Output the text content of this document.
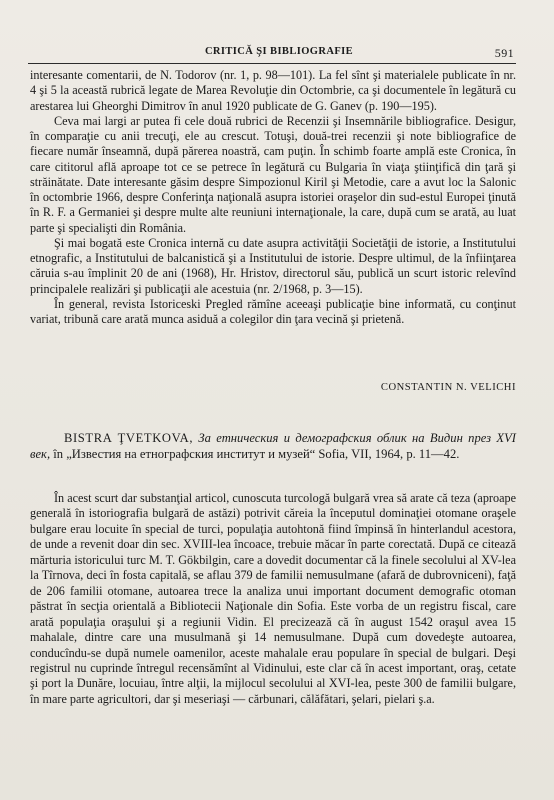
CRITICĂ ŞI BIBLIOGRAFIE	591

interesante comentarii, de N. Todorov (nr. 1, p. 98—101). La fel sînt şi materialele publicate în nr. 4 şi 5 la această rubrică legate de Marea Revoluţie din Octombrie, ca şi documentele în legătură cu arestarea lui Gheorghi Dimitrov în anul 1920 publicate de G. Ganev (p. 190—195).

Ceva mai largi ar putea fi cele două rubrici de Recenzii şi Insemnările bibliografice. Desigur, în comparaţie cu anii trecuţi, ele au crescut. Totuşi, două-trei recenzii şi note bibliografice de fiecare număr înseamnă, după părerea noastră, cam puţin. În schimb foarte amplă este Cronica, în care cititorul află aproape tot ce se petrece în legătură cu Bulgaria în viaţa ştiinţifică din ţară şi străinătate. Date interesante găsim despre Simpozionul Kiril şi Metodie, care a avut loc la Salonic în octombrie 1966, despre Conferinţa naţională asupra istoriei oraşelor din sud-estul Europei ţinută în R. F. a Germaniei şi despre multe alte reuniuni internaţionale, la care, după cum se arată, au luat parte şi specialişti din România.

Şi mai bogată este Cronica internă cu date asupra activităţii Societăţii de istorie, a Institutului etnografic, a Institutului de balcanistică şi a Institutului de istorie. Despre ultimul, de la înfiinţarea căruia s-au împlinit 20 de ani (1968), Hr. Hristov, directorul său, publică un scurt istoric relevînd principalele realizări şi publicaţii ale acestuia (nr. 2/1968, p. 3—15).

În general, revista Istoriceski Pregled rămîne aceeaşi publicaţie bine informată, cu conţinut variat, tribună care arată munca asiduă a colegilor din ţara vecină şi prietenă.

CONSTANTIN N. VELICHI

BISTRA ŢVETKOVA, За етническия и демографския облик на Видин през XVI век, în „Известия на етнографския институт и музей“ Sofia, VII, 1964, p. 11—42.

În acest scurt dar substanţial articol, cunoscuta turcologă bulgară vrea să arate că teza (aproape generală în istoriografia bulgară de astăzi) potrivit căreia la începutul dominaţiei otomane oraşele bulgare erau locuite în special de turci, populaţia autohtonă fiind împinsă în hinterlandul acestora, de unde a revenit doar din sec. XVIII-lea încoace, trebuie măcar în parte corectată. După ce citează mărturia istoricului turc M. T. Gökbilgin, care a dovedit documentar că la finele secolului al XV-lea la Tîrnova, deci în fosta capitală, se aflau 379 de familii nemusulmane (afară de dubrovniceni), faţă de 206 familii otomane, autoarea trece la analiza unui important document demografic otoman păstrat în secţia orientală a Bibliotecii Naţionale din Sofia. Este vorba de un registru fiscal, care arată populaţia oraşului şi a regiunii Vidin. El precizează că în august 1542 oraşul avea 15 mahalale, dintre care una musulmană şi 14 nemusulmane. După cum dovedeşte autoarea, conducîndu-se după numele oamenilor, aceste mahalale erau populare în special de bulgari. Deşi registrul nu cuprinde întregul recensămînt al Vidinului, este clar că în acest important, oraş, cetate şi port la Dunăre, locuiau, între alţii, la mijlocul secolului al XVI-lea, peste 300 de familii bulgare, în mare parte agricultori, dar şi meseriaşi — cărbunari, călăfătari, şelari, pielari ş.a.
